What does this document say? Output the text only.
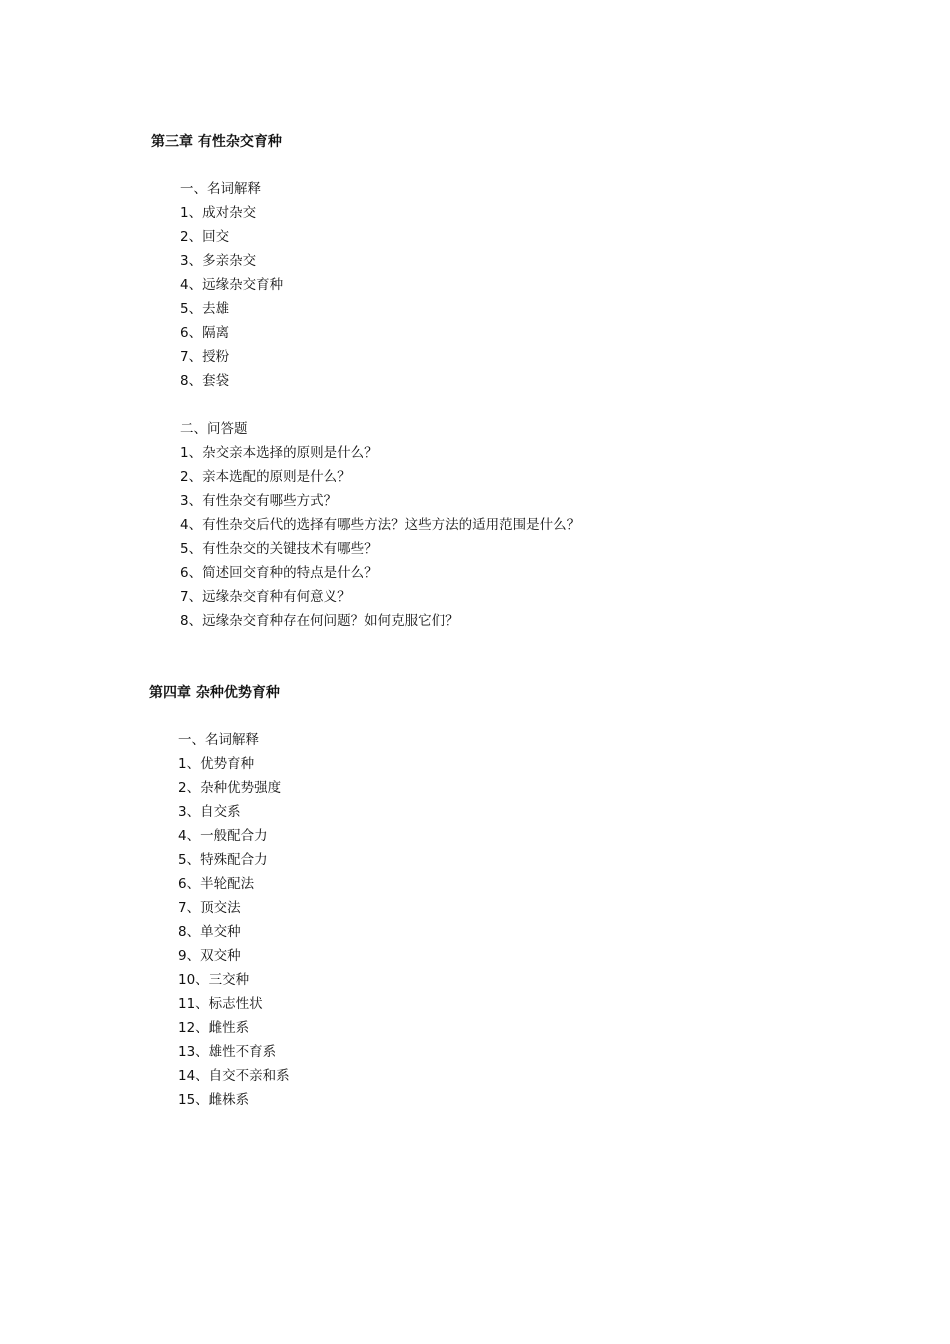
第三章 有性杂交育种

一、名词解释

1、成对杂交
2、回交
3、多亲杂交
4、远缘杂交育种
5、去雄
6、隔离
7、授粉
8、套袋

二、问答题

1、杂交亲本选择的原则是什么？
2、亲本选配的原则是什么？
3、有性杂交有哪些方式？
4、有性杂交后代的选择有哪些方法？这些方法的适用范围是什么？
5、有性杂交的关键技术有哪些？
6、简述回交育种的特点是什么？
7、远缘杂交育种有何意义？
8、远缘杂交育种存在何问题？如何克服它们？
第四章 杂种优势育种

一、名词解释

1、优势育种
2、杂种优势强度
3、自交系
4、一般配合力
5、特殊配合力
6、半轮配法
7、顶交法
8、单交种
9、双交种
10、三交种
11、标志性状
12、雌性系
13、雄性不育系
14、自交不亲和系
15、雌株系
